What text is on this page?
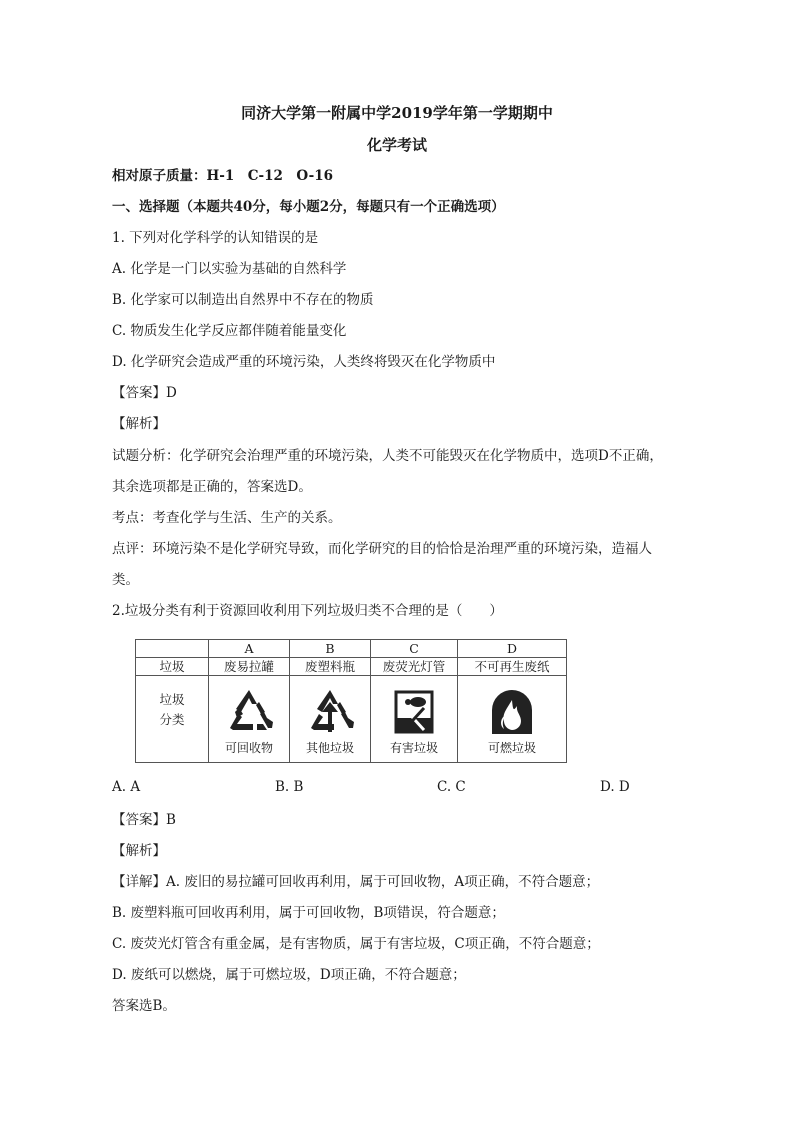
同济大学第一附属中学2019学年第一学期期中
化学考试
相对原子质量：H-1　C-12　O-16
一、选择题（本题共40分，每小题2分，每题只有一个正确选项）
1. 下列对化学科学的认知错误的是
A. 化学是一门以实验为基础的自然科学
B. 化学家可以制造出自然界中不存在的物质
C. 物质发生化学反应都伴随着能量变化
D. 化学研究会造成严重的环境污染，人类终将毁灭在化学物质中
【答案】D
【解析】
试题分析：化学研究会治理严重的环境污染，人类不可能毁灭在化学物质中，选项D不正确，
其余选项都是正确的，答案选D。
考点：考查化学与生活、生产的关系。
点评：环境污染不是化学研究导致，而化学研究的目的恰恰是治理严重的环境污染，造福人
类。
2.垃圾分类有利于资源回收利用下列垃圾归类不合理的是（　　）
	A	B	C	D
垃圾	废易拉罐	废塑料瓶	废荧光灯管	不可再生废纸

垃圾分类	可回收物	其他垃圾	有害垃圾	可燃垃圾
A. A	B. B	C. C	D. D
【答案】B
【解析】
【详解】A. 废旧的易拉罐可回收再利用，属于可回收物，A项正确，不符合题意；
B. 废塑料瓶可回收再利用，属于可回收物，B项错误，符合题意；
C. 废荧光灯管含有重金属，是有害物质，属于有害垃圾，C项正确，不符合题意；
D. 废纸可以燃烧，属于可燃垃圾，D项正确，不符合题意；
答案选B。
